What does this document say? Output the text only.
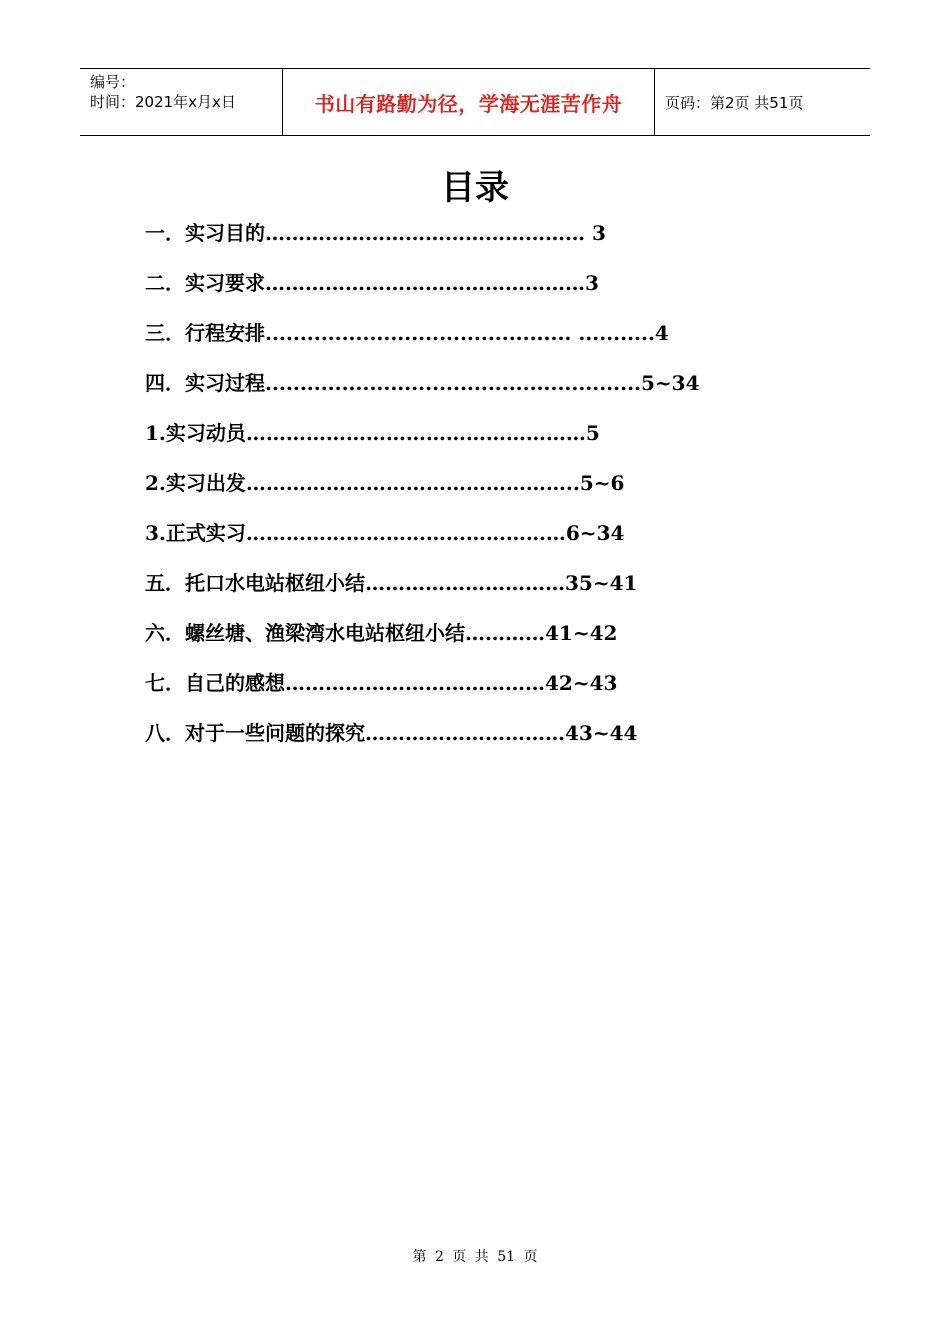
编号：
时间：2021年x月x日	书山有路勤为径，学海无涯苦作舟	页码：第2页 共51页
目录
一．实习目的………………………………………… 3
二．实习要求…………………………………………3
三．行程安排............................................ ...........4
四．实习过程......................................................5~34
1.实习动员……………………………………………5
2.实习出发…………………………………………..5~6
3.正式实习…………………………………………6~34
五．托口水电站枢纽小结…………………………35~41
六．螺丝塘、渔梁湾水电站枢纽小结…………41~42
七．自己的感想…………………………………42~43
八．对于一些问题的探究…………………………43~44
第 2 页 共 51 页
